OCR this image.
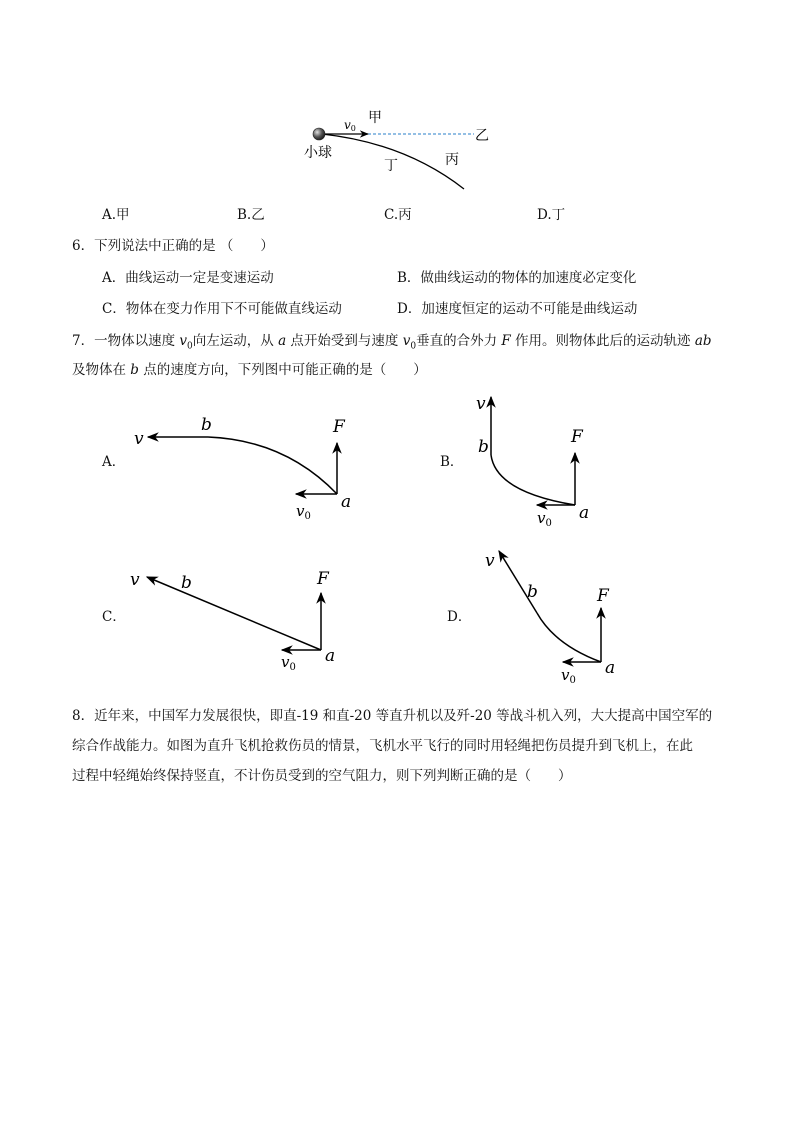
小球
v0
甲
乙
丙
丁
A.甲	B.乙	C.丙	D.丁
6．下列说法中正确的是 （　　）
A．曲线运动一定是变速运动	B．做曲线运动的物体的加速度必定变化
C．物体在变力作用下不可能做直线运动	D．加速度恒定的运动不可能是曲线运动
7．一物体以速度 $v_0$向左运动，从 a 点开始受到与速度 $v_0$垂直的合外力 F 作用。则物体此后的运动轨迹 ab
及物体在 b 点的速度方向，下列图中可能正确的是（　　）
A．	B．
C．	D．
v
b	F
a
$v_0$
v
b	F
a
$v_0$
v b	F
a
$v_0$
v
b	F
a
$v_0$
8．近年来，中国军力发展很快，即直-19 和直-20 等直升机以及歼-20 等战斗机入列，大大提高中国空军的
综合作战能力。如图为直升飞机抢救伤员的情景，飞机水平飞行的同时用轻绳把伤员提升到飞机上，在此
过程中轻绳始终保持竖直，不计伤员受到的空气阻力，则下列判断正确的是（　　）
